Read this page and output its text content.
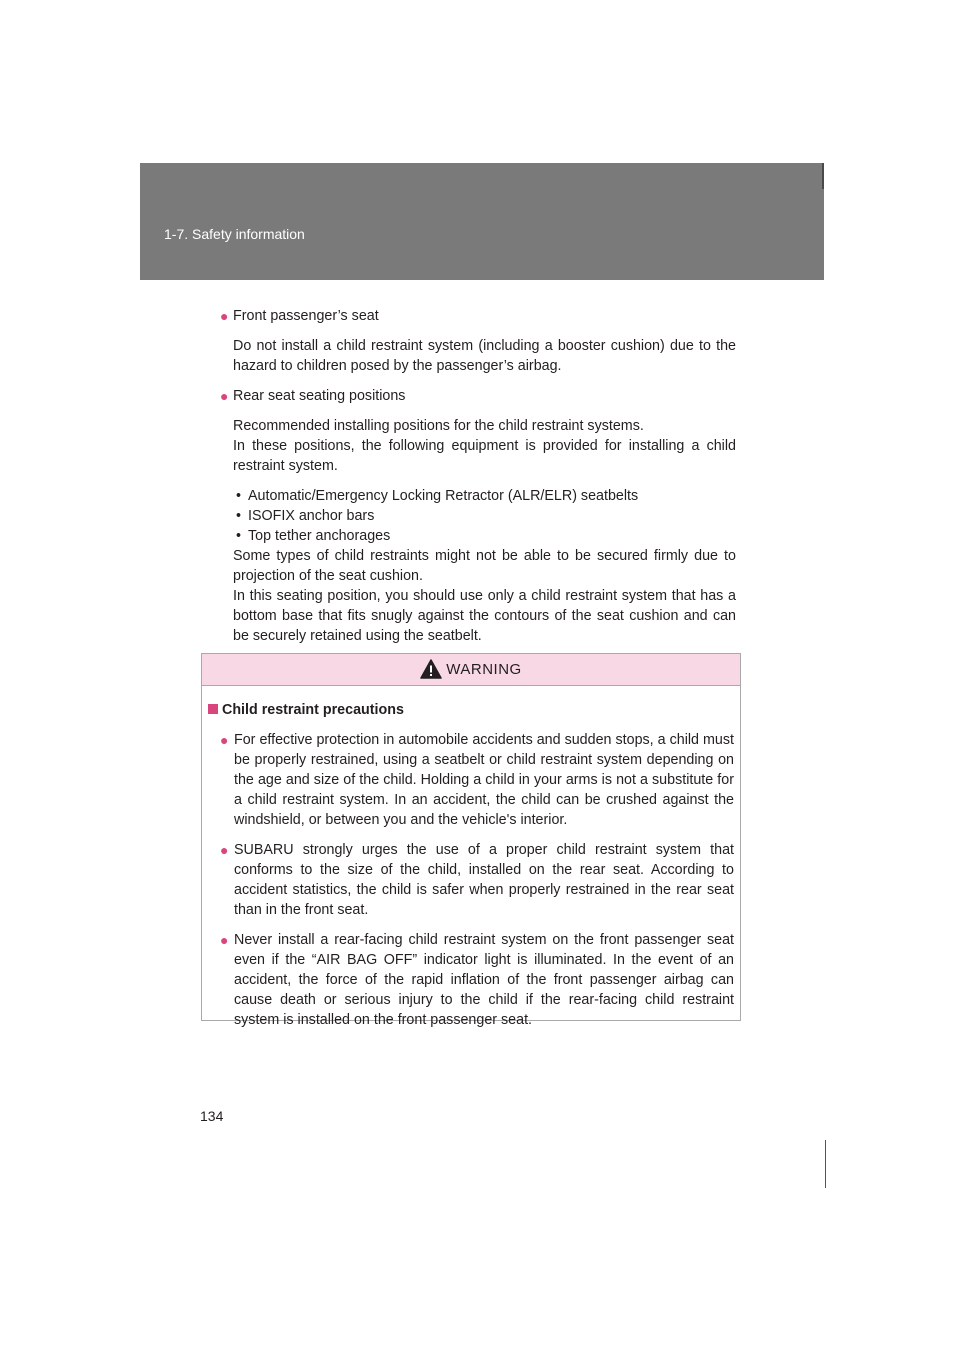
1-7. Safety information
● Front passenger’s seat
Do not install a child restraint system (including a booster cushion) due to the hazard to children posed by the passenger’s airbag.
● Rear seat seating positions
Recommended installing positions for the child restraint systems.
In these positions, the following equipment is provided for installing a child restraint system.
• Automatic/Emergency Locking Retractor (ALR/ELR) seatbelts
• ISOFIX anchor bars
• Top tether anchorages
Some types of child restraints might not be able to be secured firmly due to projection of the seat cushion.
In this seating position, you should use only a child restraint system that has a bottom base that fits snugly against the contours of the seat cushion and can be securely retained using the seatbelt.
WARNING
Child restraint precautions
● For effective protection in automobile accidents and sudden stops, a child must be properly restrained, using a seatbelt or child restraint system depending on the age and size of the child. Holding a child in your arms is not a substitute for a child restraint system. In an accident, the child can be crushed against the windshield, or between you and the vehicle's interior.
● SUBARU strongly urges the use of a proper child restraint system that conforms to the size of the child, installed on the rear seat. According to accident statistics, the child is safer when properly restrained in the rear seat than in the front seat.
● Never install a rear-facing child restraint system on the front passenger seat even if the “AIR BAG OFF” indicator light is illuminated. In the event of an accident, the force of the rapid inflation of the front passenger airbag can cause death or serious injury to the child if the rear-facing child restraint system is installed on the front passenger seat.
134
